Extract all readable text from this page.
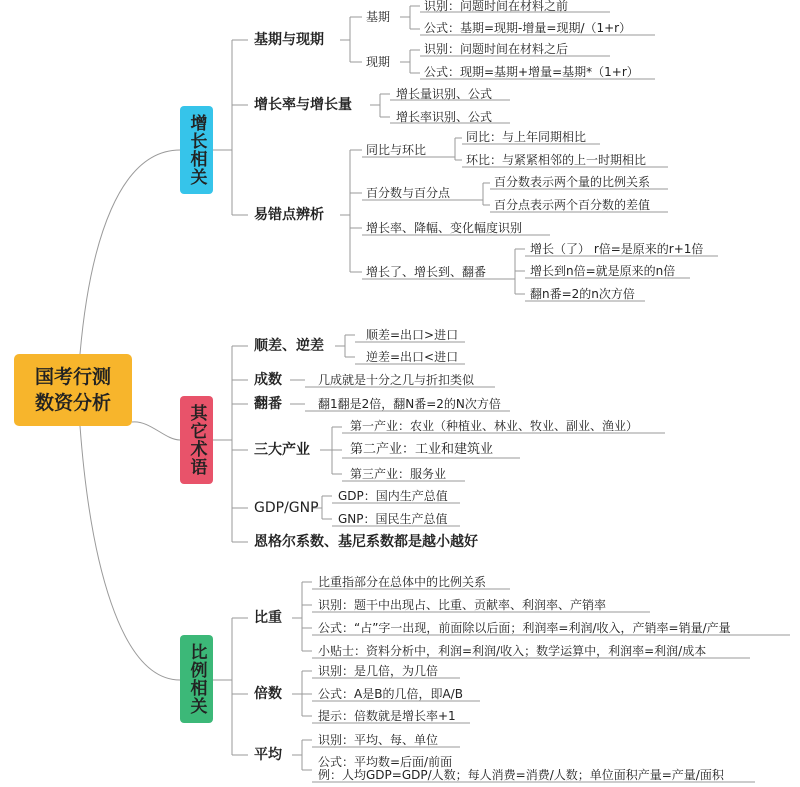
国考行测
数资分析
增长相关
其它术语
比例相关
基期与现期
基期
识别：问题时间在材料之前
公式：基期=现期-增量=现期/（1+r）
现期
识别：问题时间在材料之后
公式：现期=基期+增量=基期*（1+r）
增长率与增长量
增长量识别、公式
增长率识别、公式
易错点辨析
同比与环比
同比：与上年同期相比
环比：与紧紧相邻的上一时期相比
百分数与百分点
百分数表示两个量的比例关系
百分点表示两个百分数的差值
增长率、降幅、变化幅度识别
增长了、增长到、翻番
增长（了） r倍=是原来的r+1倍
增长到n倍=就是原来的n倍
翻n番=2的n次方倍
顺差、逆差
顺差=出口>进口
逆差=出口<进口
成数	几成就是十分之几与折扣类似
翻番	翻1翻是2倍，翻N番=2的N次方倍
三大产业
第一产业：农业（种植业、林业、牧业、副业、渔业）
第二产业：工业和建筑业
第三产业：服务业
GDP/GNP
GDP：国内生产总值
GNP：国民生产总值
恩格尔系数、基尼系数都是越小越好
比重
比重指部分在总体中的比例关系
识别：题干中出现占、比重、贡献率、利润率、产销率
公式：“占”字一出现，前面除以后面；利润率=利润/收入，产销率=销量/产量
小贴士：资料分析中，利润=利润/收入；数学运算中，利润率=利润/成本
倍数
识别：是几倍，为几倍
公式：A是B的几倍，即A/B
提示：倍数就是增长率+1
平均
识别：平均、每、单位
公式：平均数=后面/前面
例：人均GDP=GDP/人数；每人消费=消费/人数；单位面积产量=产量/面积
